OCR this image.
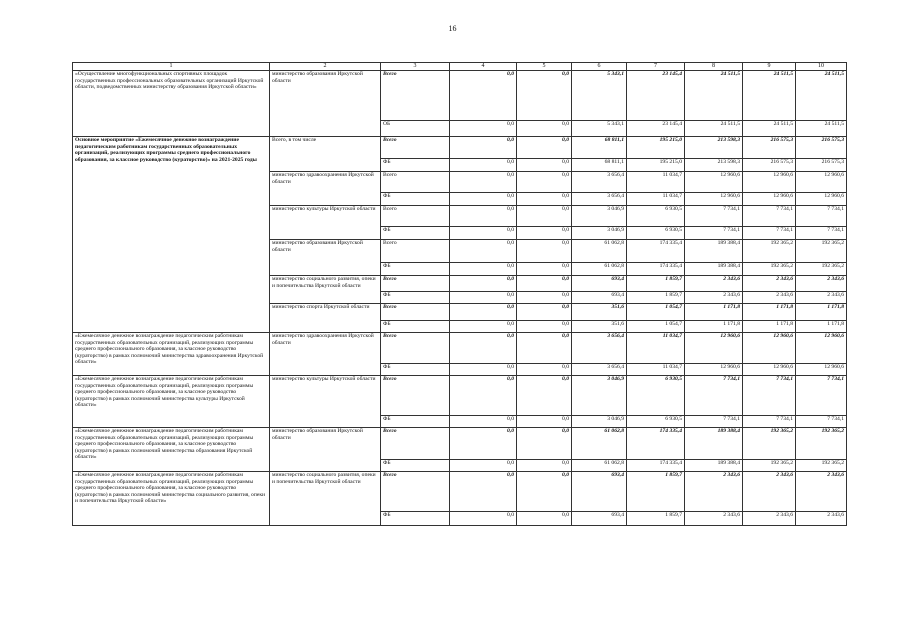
16
1	2	3	4	5	6	7	8	9	10
«Осуществление многофункциональных спортивных площадок государственных профессиональных образовательных организаций Иркутской области, подведомственных министерству образования Иркутской области»	министерство образования Иркутской области	Всего	0,0	0,0	5 343,1	23 145,4	24 511,5	24 511,5	24 511,5
		ОБ	0,0	0,0	5 343,1	23 145,4	24 511,5	24 511,5	24 511,5
Основное мероприятие «Ежемесячное денежное вознаграждение педагогическим работникам государственных образовательных организаций, реализующих программы среднего профессионального образования, за классное руководство (кураторство)» на 2021-2025 годы	Всего, в том числе	Всего	0,0	0,0	68 811,1	195 215,0	213 598,3	216 575,3	216 575,3
		ФБ	0,0	0,0	68 811,1	195 215,0	213 598,3	216 575,3	216 575,3
	министерство здравоохранения Иркутской области	Всего	0,0	0,0	3 656,4	11 034,7	12 960,6	12 960,6	12 960,6
		ФБ	0,0	0,0	3 656,4	11 034,7	12 960,6	12 960,6	12 960,6
	министерство культуры Иркутской области	Всего	0,0	0,0	3 046,9	6 930,5	7 734,1	7 734,1	7 734,1
		ФБ	0,0	0,0	3 046,9	6 930,5	7 734,1	7 734,1	7 734,1
	министерство образования Иркутской области	Всего	0,0	0,0	61 062,8	174 335,4	189 388,4	192 365,2	192 365,2
		ФБ	0,0	0,0	61 062,8	174 335,4	189 388,4	192 365,2	192 365,2
	министерство социального развития, опеки и попечительства Иркутской области	Всего	0,0	0,0	693,4	1 859,7	2 343,6	2 343,6	2 343,6
		ФБ	0,0	0,0	693,4	1 859,7	2 343,6	2 343,6	2 343,6
	министерство спорта Иркутской области	Всего	0,0	0,0	351,6	1 054,7	1 171,8	1 171,8	1 171,8
		ФБ	0,0	0,0	351,6	1 054,7	1 171,8	1 171,8	1 171,8
«Ежемесячное денежное вознаграждение педагогическим работникам государственных образовательных организаций, реализующих программы среднего профессионального образования, за классное руководство (кураторство) в рамках полномочий министерства здравоохранения Иркутской области»	министерство здравоохранения Иркутской области	Всего	0,0	0,0	3 656,4	11 034,7	12 960,6	12 960,6	12 960,6
		ФБ	0,0	0,0	3 656,4	11 034,7	12 960,6	12 960,6	12 960,6
«Ежемесячное денежное вознаграждение педагогическим работникам государственных образовательных организаций, реализующих программы среднего профессионального образования, за классное руководство (кураторство) в рамках полномочий министерства культуры Иркутской области»	министерство культуры Иркутской области	Всего	0,0	0,0	3 046,9	6 930,5	7 734,1	7 734,1	7 734,1
		ФБ	0,0	0,0	3 046,9	6 930,5	7 734,1	7 734,1	7 734,1
«Ежемесячное денежное вознаграждение педагогическим работникам государственных образовательных организаций, реализующих программы среднего профессионального образования, за классное руководство (кураторство) в рамках полномочий министерства образования Иркутской области»	министерство образования Иркутской области	Всего	0,0	0,0	61 062,8	174 335,4	189 388,4	192 365,2	192 365,2
		ФБ	0,0	0,0	61 062,8	174 335,4	189 388,4	192 365,2	192 365,2
«Ежемесячное денежное вознаграждение педагогическим работникам государственных образовательных организаций, реализующих программы среднего профессионального образования, за классное руководство (кураторство) в рамках полномочий министерства социального развития, опеки и попечительства Иркутской области»	министерство социального развития, опеки и попечительства Иркутской области	Всего	0,0	0,0	693,4	1 859,7	2 343,6	2 343,6	2 343,6
		ФБ	0,0	0,0	693,4	1 859,7	2 343,6	2 343,6	2 343,6
